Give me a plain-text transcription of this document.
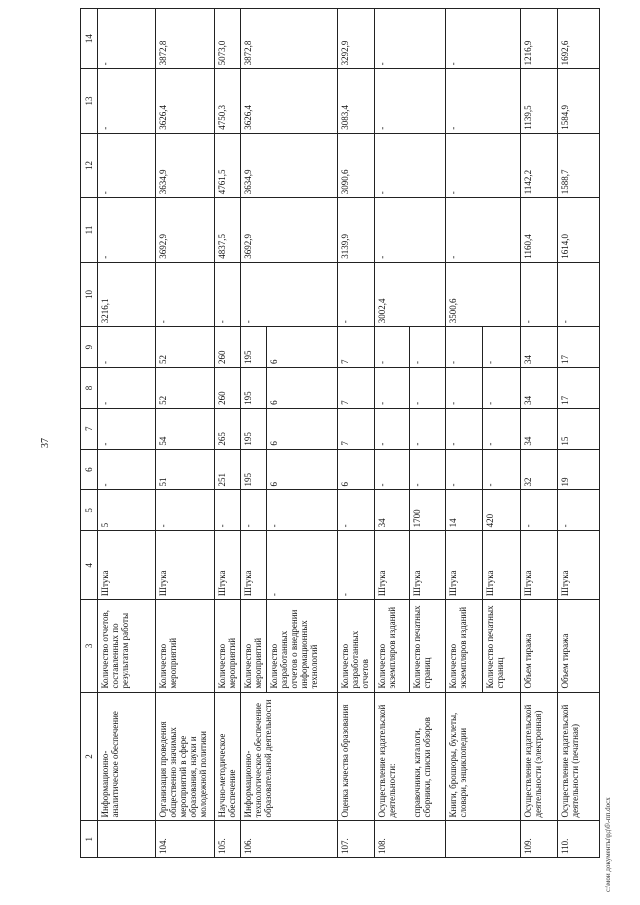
37
1	2	3	4	5	6	7	8	9	10	11	12	13	14
	Информационно-аналитическое обеспечение	Количество отчетов, составленных по результатам работы	Штука	5	-	-	-	-	3216,1	-	-	-	-
104.	Организация проведения общественно значимых мероприятий в сфере образования, науки и молодежной политики	Количество мероприятий	Штука	-	51	54	52	52	-	3692,9	3634,9	3626,4	3872,8
105.	Научно-методическое обеспечение	Количество мероприятий	Штука	-	251	265	260	260	-	4837,5	4761,5	4750,3	5073,0
106.	Информационно-технологическое обеспечение образовательной деятельности	Количество мероприятий	Штука	-	195	195	195	195	-	3692,9	3634,9	3626,4	3872,8
		Количество разработанных отчетов о внедрении информационных технологий	-	-	6	6	6	6					
107.	Оценка качества образования	Количество разработанных отчетов	-	-	6	7	7	7	-	3139,9	3090,6	3083,4	3292,9
108.	Осуществление издательской деятельности:	Количество экземпляров изданий	Штука	34	-	-	-	-	3002,4	-	-	-	-
	справочники, каталоги, сборники, списки обзоров	Количество печатных страниц	Штука	1700	-	-	-	-					
	Книги, брошюры, буклеты, словари, энциклопедии	Количество экземпляров изданий	Штука	14	-	-	-	-	3500,6	-	-	-	-
		Количество печатных страниц	Штука	420	-	-	-	-					
109.	Осуществление издательской деятельности (электронная)	Объем тиража	Штука	-	32	34	34	34	-	1160,4	1142,2	1139,5	1216,9
110.	Осуществление издательской деятельности (печатная)	Объем тиража	Штука	-	19	15	17	17	-	1614,0	1588,7	1584,9	1692,6
c:\мои документы\рд\б\-пп.docx
